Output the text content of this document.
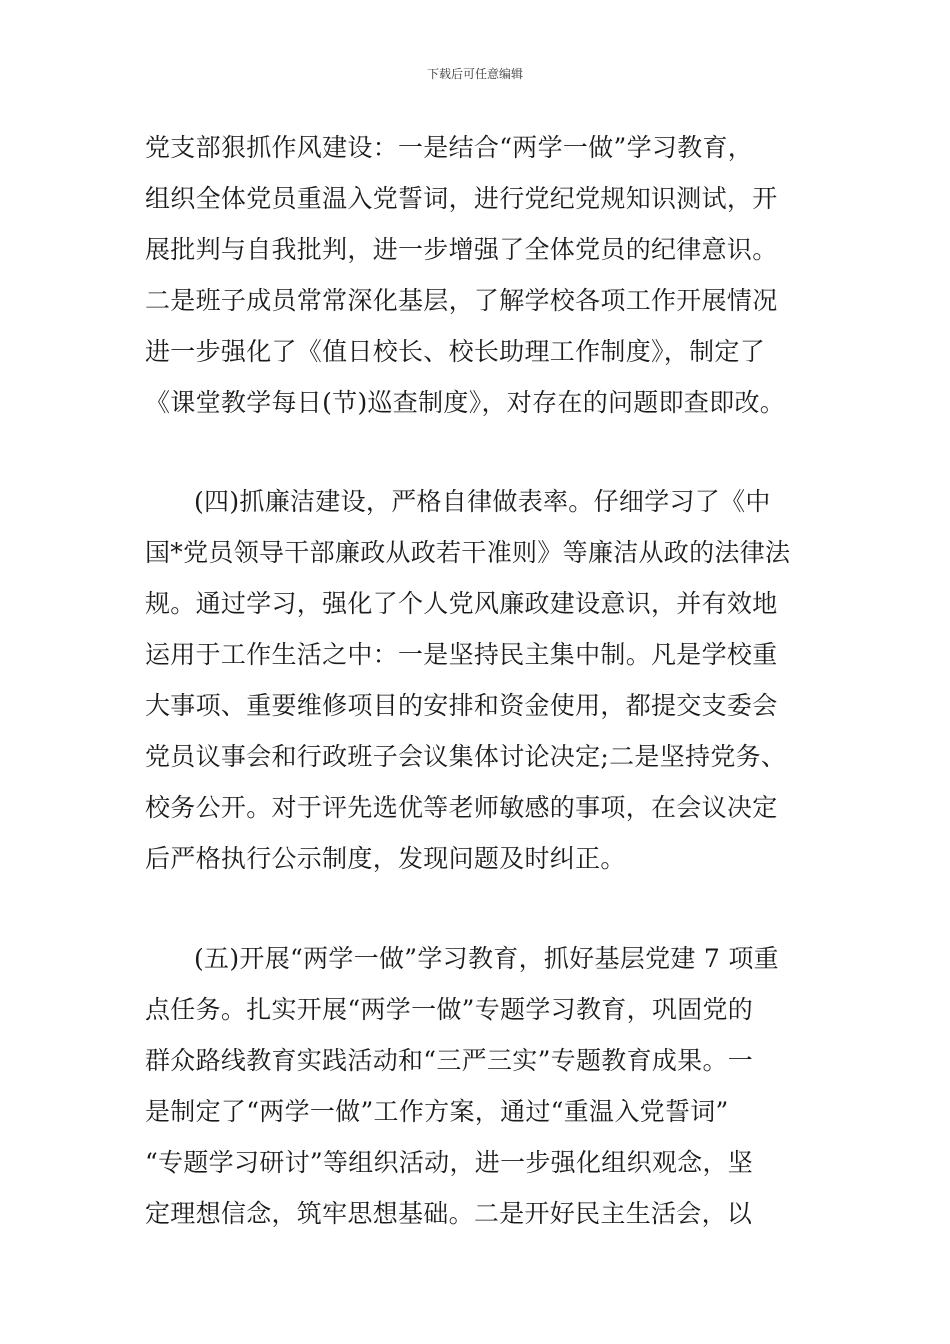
下载后可任意编辑
党支部狠抓作风建设：一是结合“两学一做”学习教育，
组织全体党员重温入党誓词，进行党纪党规知识测试，开
展批判与自我批判，进一步增强了全体党员的纪律意识。
二是班子成员常常深化基层，了解学校各项工作开展情况
进一步强化了《值日校长、校长助理工作制度》，制定了
《课堂教学每日(节)巡查制度》，对存在的问题即查即改。
(四)抓廉洁建设，严格自律做表率。仔细学习了《中
国*党员领导干部廉政从政若干准则》等廉洁从政的法律法
规。通过学习，强化了个人党风廉政建设意识，并有效地
运用于工作生活之中：一是坚持民主集中制。凡是学校重
大事项、重要维修项目的安排和资金使用，都提交支委会
党员议事会和行政班子会议集体讨论决定;二是坚持党务、
校务公开。对于评先选优等老师敏感的事项，在会议决定
后严格执行公示制度，发现问题及时纠正。
(五)开展“两学一做”学习教育，抓好基层党建 7 项重
点任务。扎实开展“两学一做”专题学习教育，巩固党的
群众路线教育实践活动和“三严三实”专题教育成果。一
是制定了“两学一做”工作方案，通过“重温入党誓词”
“专题学习研讨”等组织活动，进一步强化组织观念，坚
定理想信念，筑牢思想基础。二是开好民主生活会，以
